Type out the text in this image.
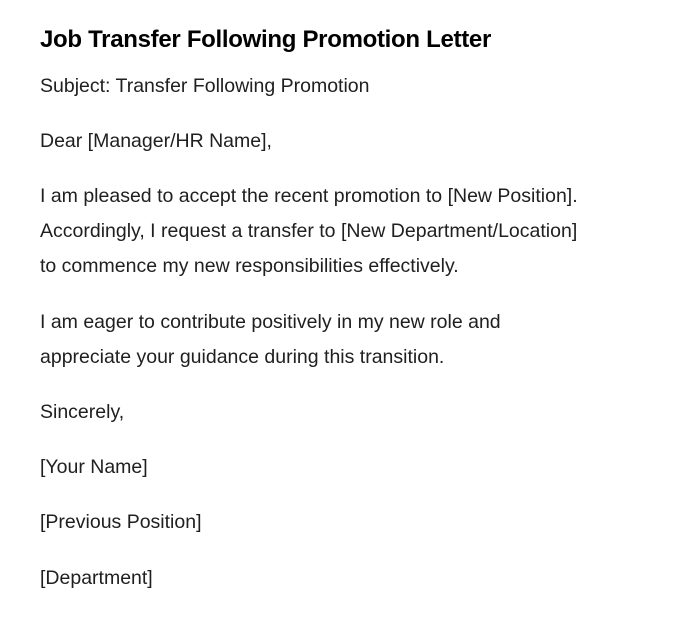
Job Transfer Following Promotion Letter

Subject: Transfer Following Promotion

Dear [Manager/HR Name],

I am pleased to accept the recent promotion to [New Position].
Accordingly, I request a transfer to [New Department/Location]
to commence my new responsibilities effectively.

I am eager to contribute positively in my new role and
appreciate your guidance during this transition.

Sincerely,

[Your Name]

[Previous Position]

[Department]
